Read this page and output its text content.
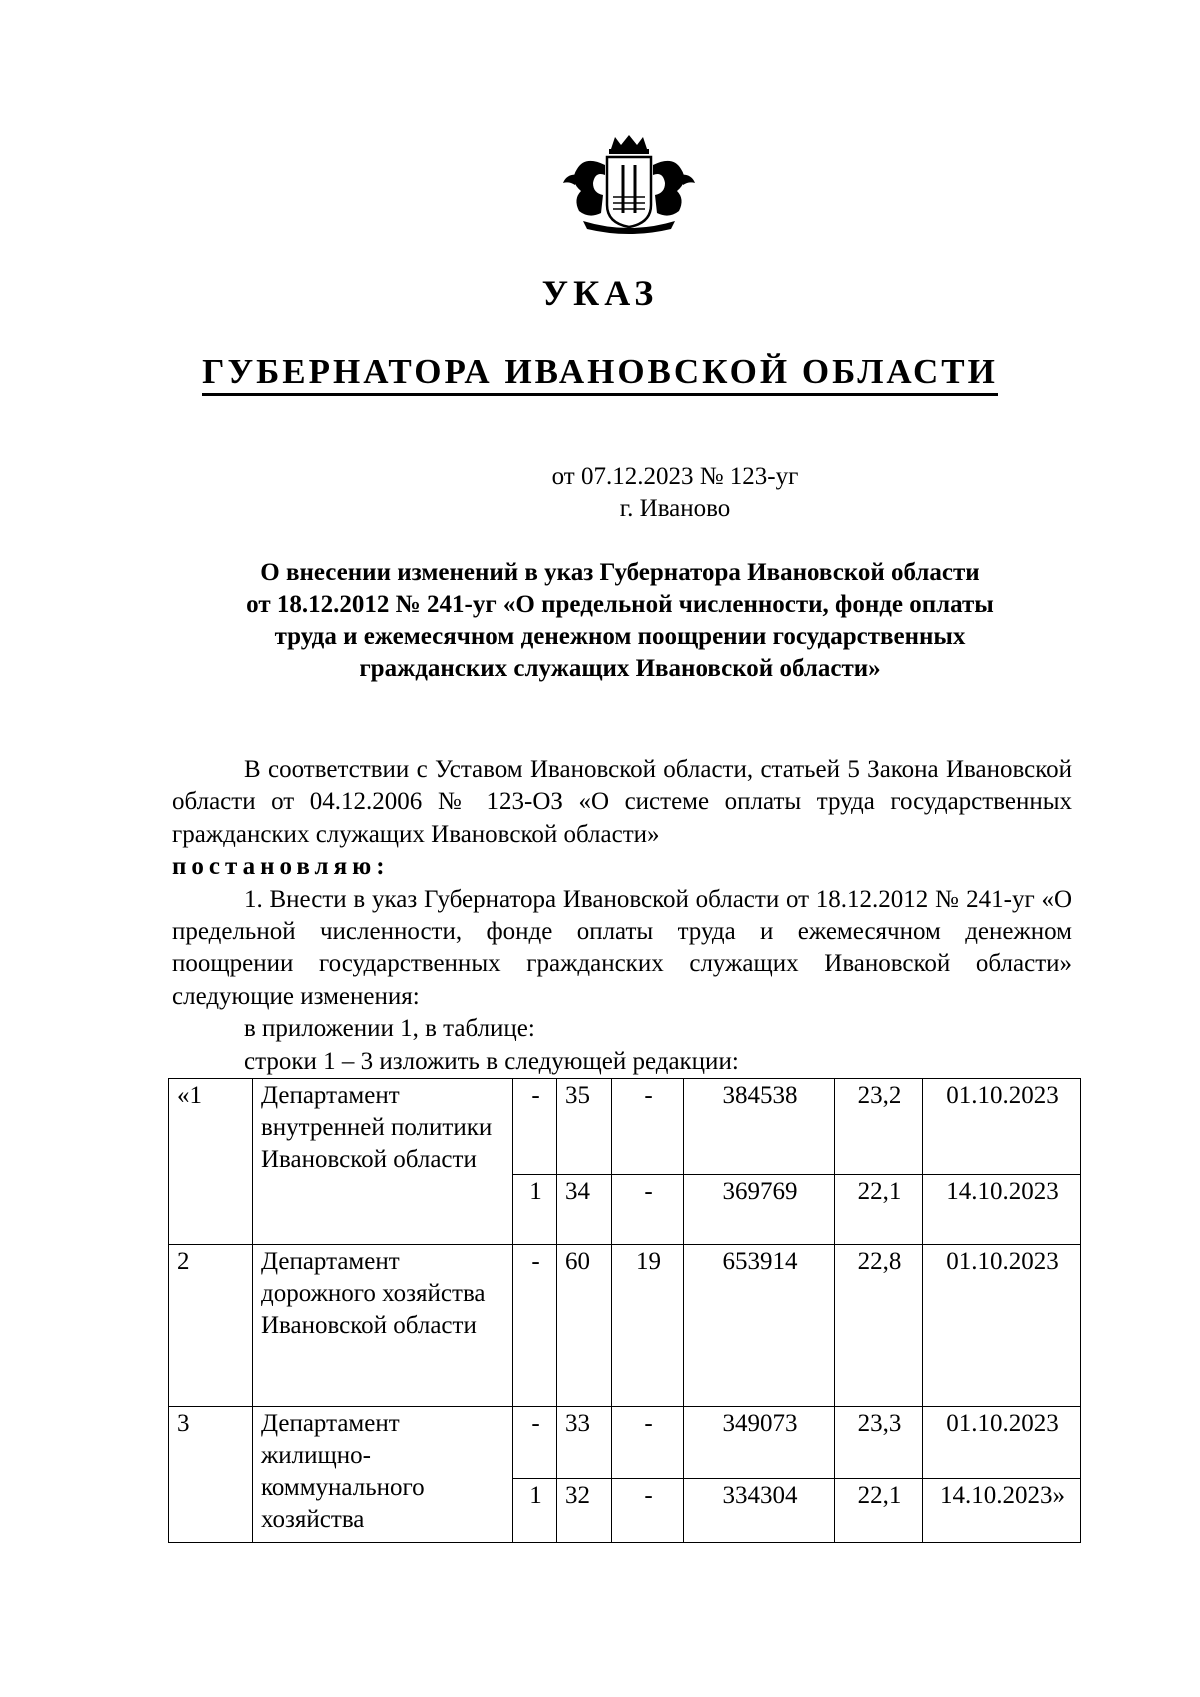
УКАЗ
ГУБЕРНАТОРА ИВАНОВСКОЙ ОБЛАСТИ
от 07.12.2023 № 123-уг
г. Иваново
О внесении изменений в указ Губернатора Ивановской области
от 18.12.2012 № 241-уг «О предельной численности, фонде оплаты
труда и ежемесячном денежном поощрении государственных
гражданских служащих Ивановской области»

В соответствии с Уставом Ивановской области, статьей 5 Закона Ивановской области от 04.12.2006 № 123-ОЗ «О системе оплаты труда государственных гражданских служащих Ивановской области»

постановляю:

1. Внести в указ Губернатора Ивановской области от 18.12.2012 № 241-уг «О предельной численности, фонде оплаты труда и ежемесячном денежном поощрении государственных гражданских служащих Ивановской области» следующие изменения:

в приложении 1, в таблице:

строки 1 – 3 изложить в следующей редакции:

«1	Департамент внутренней политики Ивановской области	-	35	-	384538	23,2	01.10.2023
		1	34	-	369769	22,1	14.10.2023
2	Департамент дорожного хозяйства Ивановской области	-	60	19	653914	22,8	01.10.2023
3	Департамент жилищно-коммунального хозяйства	-	33	-	349073	23,3	01.10.2023
		1	32	-	334304	22,1	14.10.2023»
